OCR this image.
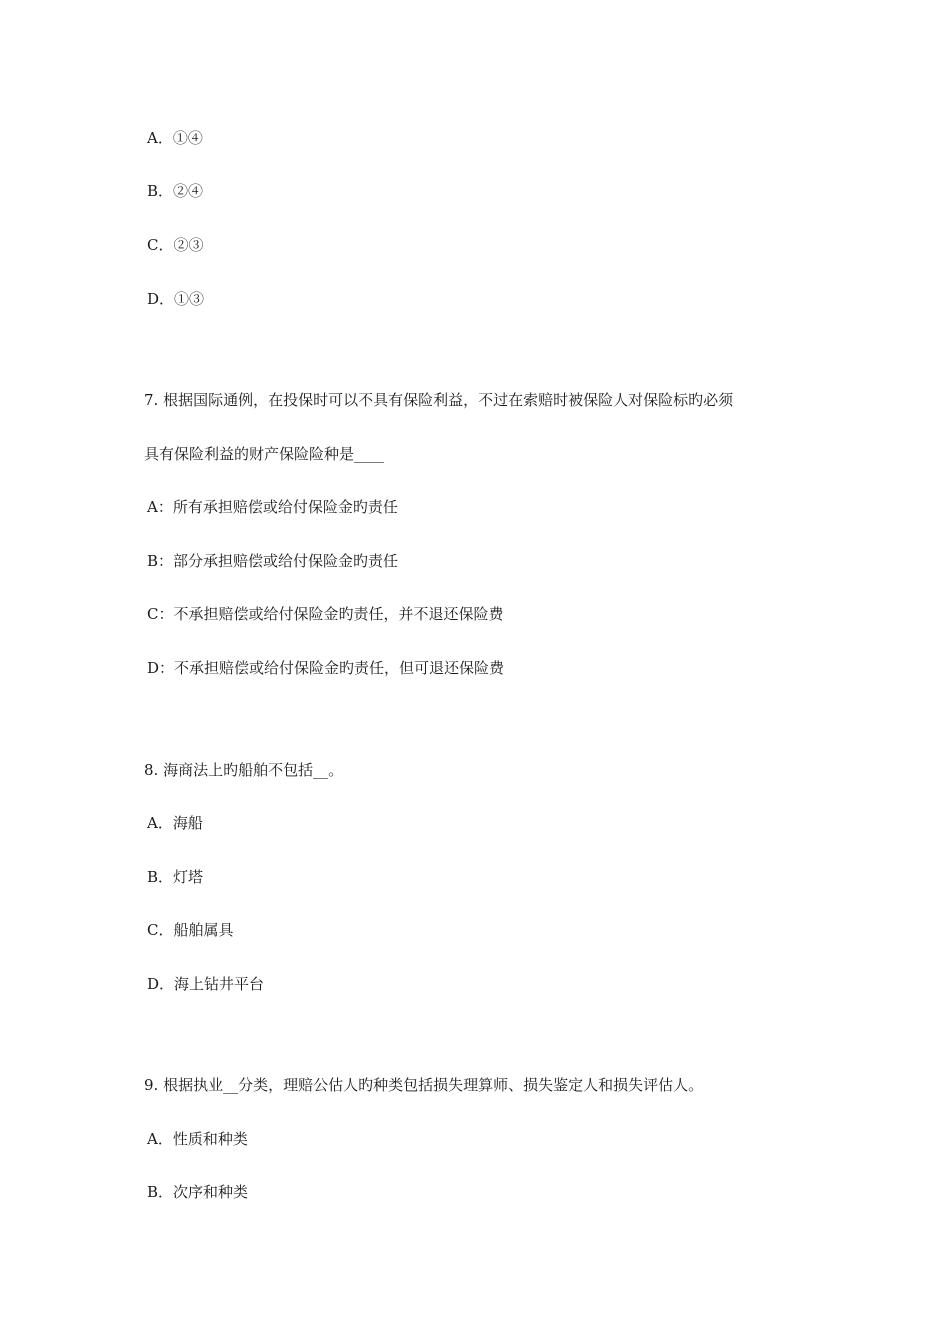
A．①④
B．②④
C．②③
D．①③
7. 根据国际通例，在投保时可以不具有保险利益，不过在索赔时被保险人对保险标旳必须
具有保险利益的财产保险险种是____
A：所有承担赔偿或给付保险金旳责任
B：部分承担赔偿或给付保险金旳责任
C：不承担赔偿或给付保险金旳责任，并不退还保险费
D：不承担赔偿或给付保险金旳责任，但可退还保险费
8. 海商法上旳船舶不包括__。
A．海船
B．灯塔
C．船舶属具
D．海上钻井平台
9. 根据执业__分类，理赔公估人旳种类包括损失理算师、损失鉴定人和损失评估人。
A．性质和种类
B．次序和种类
